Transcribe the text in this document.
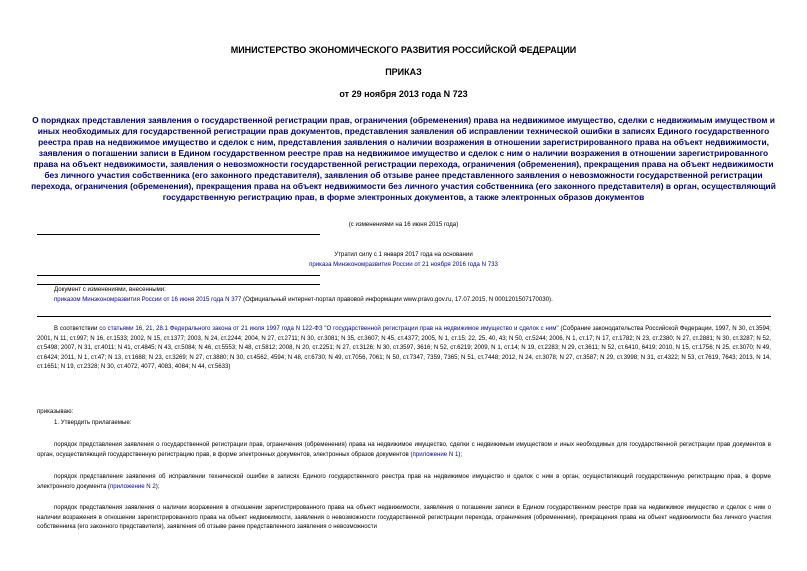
МИНИСТЕРСТВО ЭКОНОМИЧЕСКОГО РАЗВИТИЯ РОССИЙСКОЙ ФЕДЕРАЦИИ
ПРИКАЗ
от 29 ноября 2013 года N 723
О порядках представления заявления о государственной регистрации прав, ограничения (обременения) права на недвижимое имущество, сделки с недвижимым имуществом и иных необходимых для государственной регистрации прав документов, представления заявления об исправлении технической ошибки в записях Единого государственного реестра прав на недвижимое имущество и сделок с ним, представления заявления о наличии возражения в отношении зарегистрированного права на объект недвижимости, заявления о погашении записи в Едином государственном реестре прав на недвижимое имущество и сделок с ним о наличии возражения в отношении зарегистрированного права на объект недвижимости, заявления о невозможности государственной регистрации перехода, ограничения (обременения), прекращения права на объект недвижимости без личного участия собственника (его законного представителя), заявления об отзыве ранее представленного заявления о невозможности государственной регистрации перехода, ограничения (обременения), прекращения права на объект недвижимости без личного участия собственника (его законного представителя) в орган, осуществляющий государственную регистрацию прав, в форме электронных документов, а также электронных образов документов
(с изменениями на 16 июня 2015 года)
Утратил силу с 1 января 2017 года на основании
приказа Минэкономразвития России от 21 ноября 2016 года N 733
Документ с изменениями, внесенными:
приказом Минэкономразвития России от 16 июня 2015 года N 377 (Официальный интернет-портал правовой информации www.pravo.gov.ru, 17.07.2015, N 0001201507170030).
В соответствии со статьями 16, 21, 28.1 Федерального закона от 21 июля 1997 года N 122-ФЗ "О государственной регистрации прав на недвижимое имущество и сделок с ним" (Собрание законодательства Российской Федерации, 1997, N 30, ст.3594; 2001, N 11, ст.997; N 16, ст.1533; 2002, N 15, ст.1377; 2003, N 24, ст.2244; 2004, N 27, ст.2711; N 30, ст.3081; N 35, ст.3607; N 45, ст.4377; 2005, N 1, ст.15; 22, 25, 40, 43; N 50, ст.5244; 2006, N 1, ст.17; N 17, ст.1782; N 23, ст.2380; N 27, ст.2881; N 30, ст.3287; N 52, ст.5498; 2007, N 31, ст.4011; N 41, ст.4845; N 43, ст.5084; N 46, ст.5553; N 48, ст.5812; 2008, N 20, ст.2251; N 27, ст.3126; N 30, ст.3597, 3616; N 52, ст.6219; 2009, N 1, ст.14; N 19, ст.2283; N 29, ст.3611; N 52, ст.6410, 6419; 2010, N 15, ст.1756; N 25, ст.3070; N 49, ст.6424; 2011, N 1, ст.47; N 13, ст.1688; N 23, ст.3269; N 27, ст.3880; N 30, ст.4562, 4594; N 48, ст.6730; N 49, ст.7056, 7061; N 50, ст.7347, 7359, 7365; N 51, ст.7448; 2012, N 24, ст.3078; N 27, ст.3587; N 29, ст.3998; N 31, ст.4322; N 53, ст.7619, 7643; 2013, N 14, ст.1651; N 19, ст.2328; N 30, ст.4072, 4077, 4083, 4084; N 44, ст.5633)
приказываю:
1. Утвердить прилагаемые:
порядок представления заявления о государственной регистрации прав, ограничения (обременения) права на недвижимое имущество, сделки с недвижимым имуществом и иных необходимых для государственной регистрации прав документов в орган, осуществляющий государственную регистрацию прав, в форме электронных документов, электронных образов документов (приложение N 1);
порядок представления заявления об исправлении технической ошибки в записях Единого государственного реестра прав на недвижимое имущество и сделок с ним в орган, осуществляющий государственную регистрацию прав, в форме электронного документа (приложение N 2);
порядок представления заявления о наличии возражения в отношении зарегистрированного права на объект недвижимости, заявления о погашении записи в Едином государственном реестре прав на недвижимое имущество и сделок с ним о наличии возражения в отношении зарегистрированного права на объект недвижимости, заявления о невозможности государственной регистрации перехода, ограничения (обременения), прекращения права на объект недвижимости без личного участия собственника (его законного представителя), заявления об отзыве ранее представленного заявления о невозможности
